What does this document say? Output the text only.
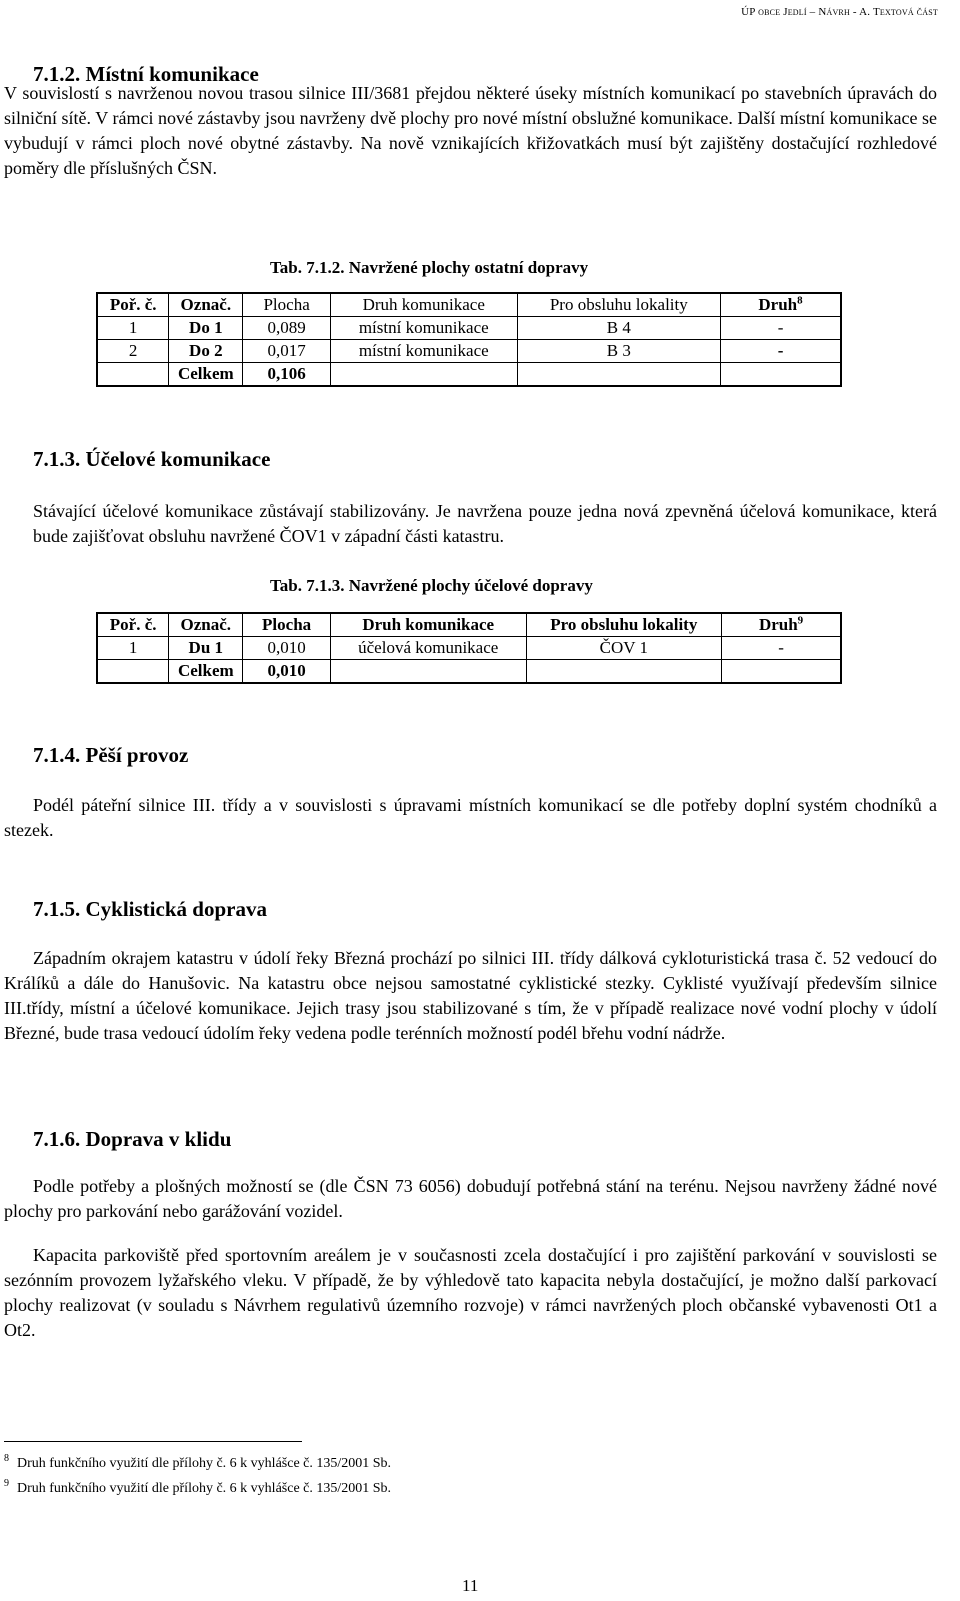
ÚP obce Jedlí – Návrh - A. Textová část
7.1.2. Místní komunikace

V souvislostí s navrženou novou trasou silnice III/3681 přejdou některé úseky místních komunikací po stavebních úpravách do silniční sítě. V rámci nové zástavby jsou navrženy dvě plochy pro nové místní obslužné komunikace. Další místní komunikace se vybudují v rámci ploch nové obytné zástavby. Na nově vznikajících křižovatkách musí být zajištěny dostačující rozhledové poměry dle příslušných ČSN.

Tab. 7.1.2. Navržené plochy ostatní dopravy
Poř. č.	Označ.	Plocha	Druh komunikace	Pro obsluhu lokality	Druh$^8$
1	Do 1	0,089	místní komunikace	B 4	-
2	Do 2	0,017	místní komunikace	B 3	-
	Celkem	0,106			
7.1.3. Účelové komunikace

Stávající účelové komunikace zůstávají stabilizovány. Je navržena pouze jedna nová zpevněná účelová komunikace, která bude zajišťovat obsluhu navržené ČOV1 v západní části katastru.

Tab. 7.1.3. Navržené plochy účelové dopravy
Poř. č.	Označ.	Plocha	Druh komunikace	Pro obsluhu lokality	Druh$^9$
1	Du 1	0,010	účelová komunikace	ČOV 1	-
	Celkem	0,010			
7.1.4. Pěší provoz

Podél páteřní silnice III. třídy a v souvislosti s úpravami místních komunikací se dle potřeby doplní systém chodníků a stezek.

7.1.5. Cyklistická doprava

Západním okrajem katastru v údolí řeky Březná prochází po silnici III. třídy dálková cykloturistická trasa č. 52 vedoucí do Králíků a dále do Hanušovic. Na katastru obce nejsou samostatné cyklistické stezky. Cyklisté využívají především silnice III.třídy, místní a účelové komunikace. Jejich trasy jsou stabilizované s tím, že v případě realizace nové vodní plochy v údolí Březné, bude trasa vedoucí údolím řeky vedena podle terénních možností podél břehu vodní nádrže.

7.1.6. Doprava v klidu

Podle potřeby a plošných možností se (dle ČSN 73 6056) dobudují potřebná stání na terénu. Nejsou navrženy žádné nové plochy pro parkování nebo garážování vozidel.

Kapacita parkoviště před sportovním areálem je v současnosti zcela dostačující i pro zajištění parkování v souvislosti se sezónním provozem lyžařského vleku. V případě, že by výhledově tato kapacita nebyla dostačující, je možno další parkovací plochy realizovat (v souladu s Návrhem regulativů územního rozvoje) v rámci navržených ploch občanské vybavenosti Ot1 a Ot2.

$^8$ Druh funkčního využití dle přílohy č. 6 k vyhlášce č. 135/2001 Sb.
$^9$ Druh funkčního využití dle přílohy č. 6 k vyhlášce č. 135/2001 Sb.
11
